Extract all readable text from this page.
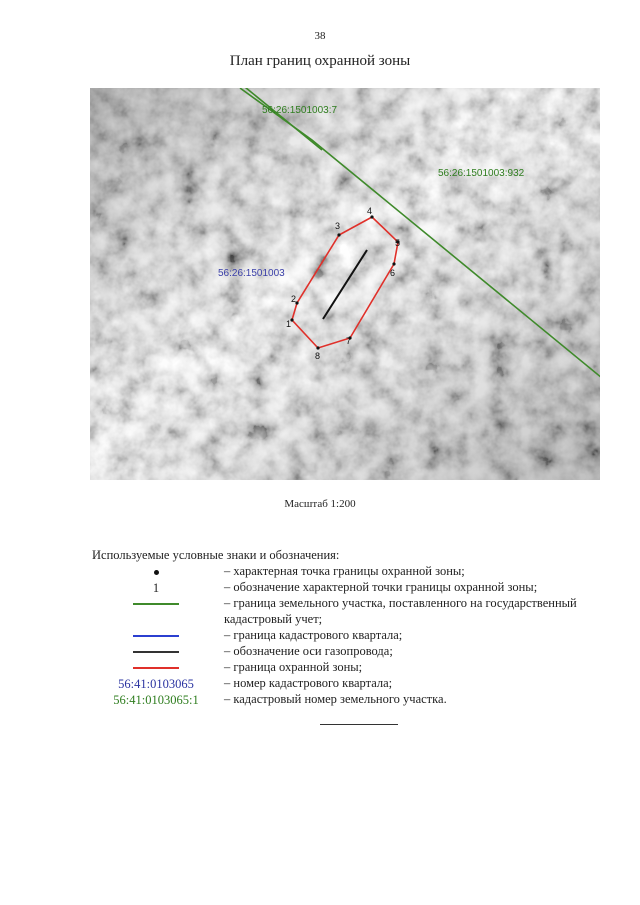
38
План границ охранной зоны
1
2
3
4
5
6
7
8
56:26:1501003:7
56:26:1501003:932
56:26:1501003
Масштаб 1:200
Используемые условные знаки и обозначения:
– характерная точка границы охранной зоны;
1	– обозначение характерной точки границы охранной зоны;
– граница земельного участка, поставленного на государственный кадастровый учет;
– граница кадастрового квартала;
– обозначение оси газопровода;
– граница охранной зоны;
56:41:0103065	– номер кадастрового квартала;
56:41:0103065:1	– кадастровый номер земельного участка.
